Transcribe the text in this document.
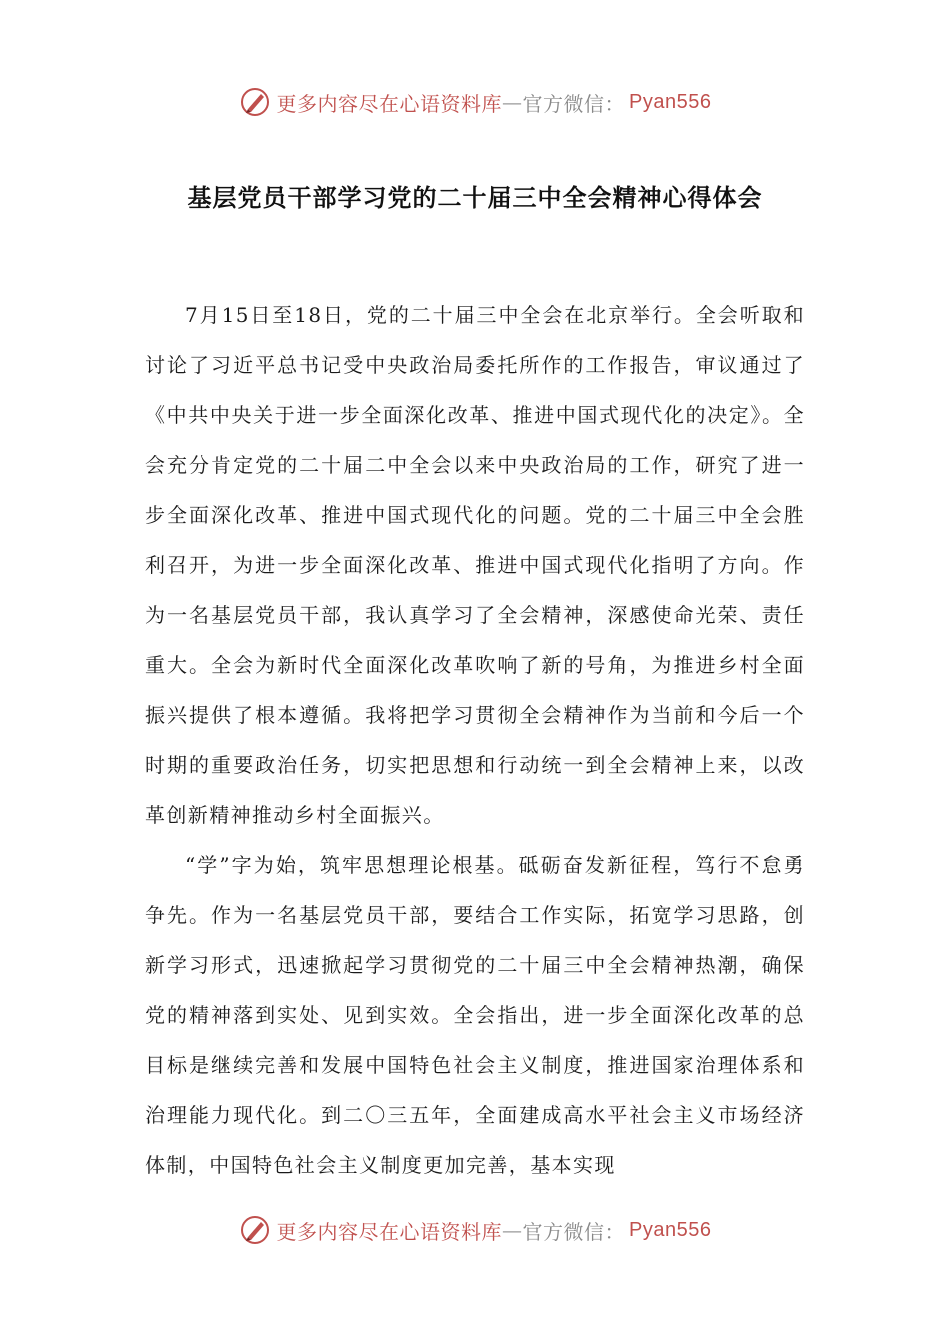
更多内容尽在心语资料库 — 官方微信： Pyan556
基层党员干部学习党的二十届三中全会精神心得体会

7月15日至18日，党的二十届三中全会在北京举行。全会听取和讨论了习近平总书记受中央政治局委托所作的工作报告，审议通过了《中共中央关于进一步全面深化改革、推进中国式现代化的决定》。全会充分肯定党的二十届二中全会以来中央政治局的工作，研究了进一步全面深化改革、推进中国式现代化的问题。党的二十届三中全会胜利召开，为进一步全面深化改革、推进中国式现代化指明了方向。作为一名基层党员干部，我认真学习了全会精神，深感使命光荣、责任重大。全会为新时代全面深化改革吹响了新的号角，为推进乡村全面振兴提供了根本遵循。我将把学习贯彻全会精神作为当前和今后一个时期的重要政治任务，切实把思想和行动统一到全会精神上来，以改革创新精神推动乡村全面振兴。

“学”字为始，筑牢思想理论根基。砥砺奋发新征程，笃行不怠勇争先。作为一名基层党员干部，要结合工作实际，拓宽学习思路，创新学习形式，迅速掀起学习贯彻党的二十届三中全会精神热潮，确保党的精神落到实处、见到实效。全会指出，进一步全面深化改革的总目标是继续完善和发展中国特色社会主义制度，推进国家治理体系和治理能力现代化。到二〇三五年，全面建成高水平社会主义市场经济体制，中国特色社会主义制度更加完善，基本实现

更多内容尽在心语资料库 — 官方微信： Pyan556
